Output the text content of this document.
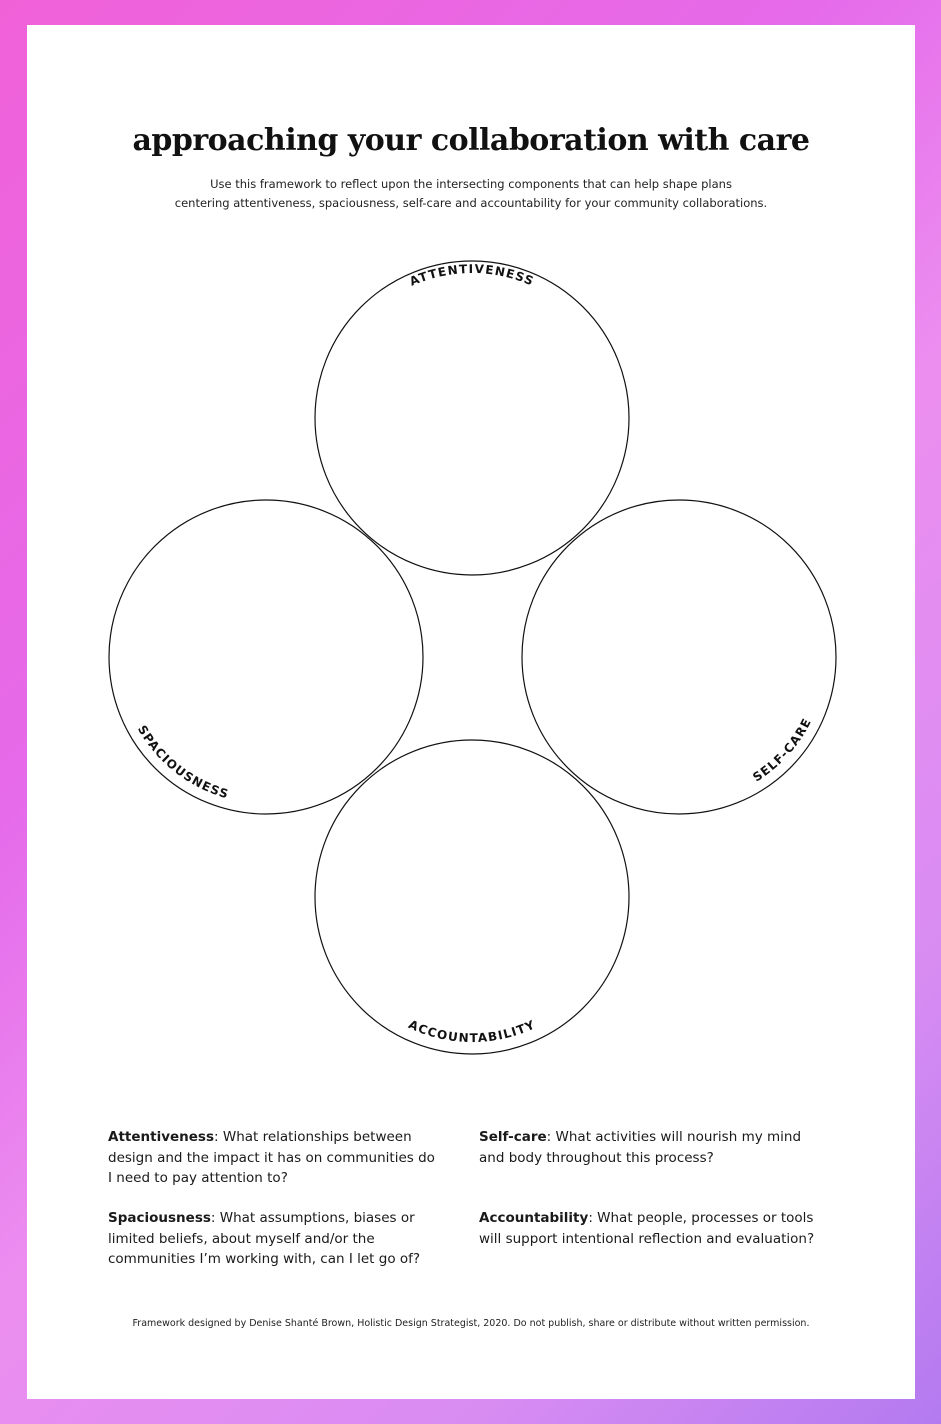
approaching your collaboration with care
Use this framework to reflect upon the intersecting components that can help shape plans
centering attentiveness, spaciousness, self-care and accountability for your community collaborations.
ATTENTIVENESS
SPACIOUSNESS
SELF-CARE
ACCOUNTABILITY
Attentiveness: What relationships between design and the impact it has on communities do I need to pay attention to?
Self-care: What activities will nourish my mind and body throughout this process?
Spaciousness: What assumptions, biases or limited beliefs, about myself and/or the communities I’m working with, can I let go of?
Accountability: What people, processes or tools will support intentional reflection and evaluation?
Framework designed by Denise Shanté Brown, Holistic Design Strategist, 2020. Do not publish, share or distribute without written permission.
